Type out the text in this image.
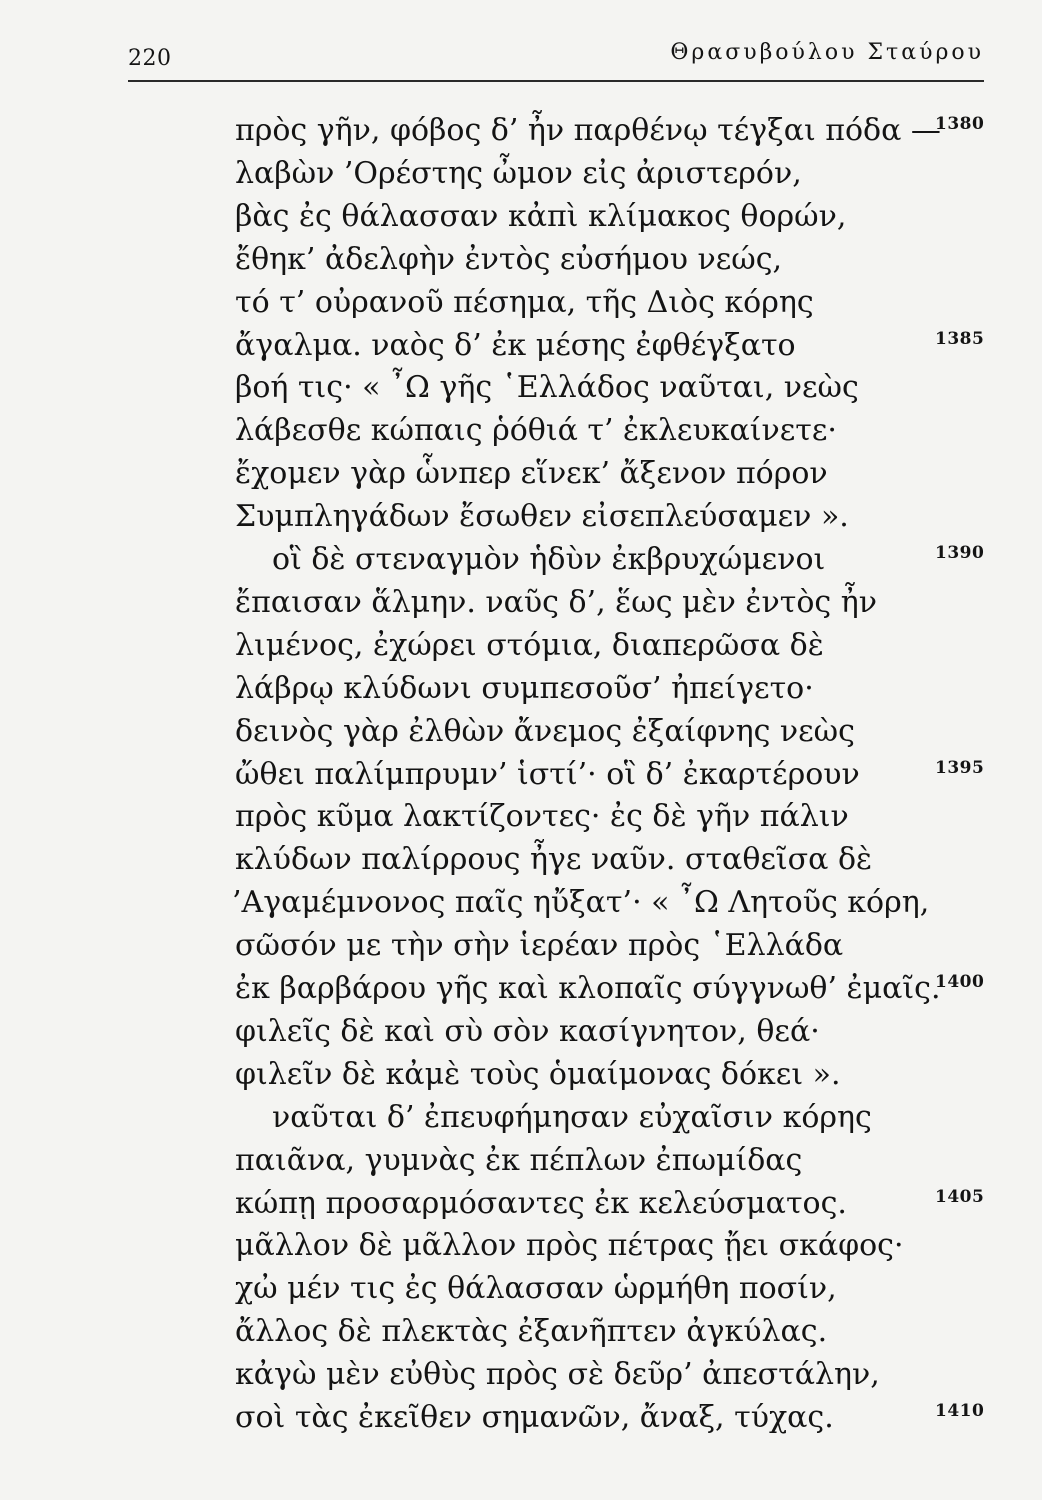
220	Θρασυβούλου Σταύρου
πρὸς γῆν, φόβος δ’ ἦν παρθένῳ τέγξαι πόδα —
1380
λαβὼν ’Ορέστης ὦμον εἰς ἀριστερόν,
βὰς ἐς θάλασσαν κἀπὶ κλίμακος θορών,
ἔθηκ’ ἀδελφὴν ἐντὸς εὐσήμου νεώς,
τό τ’ οὐρανοῦ πέσημα, τῆς Διὸς κόρης
ἄγαλμα. ναὸς δ’ ἐκ μέσης ἐφθέγξατο	1385
βοή τις· « ῏Ω γῆς ῾Ελλάδος ναῦται, νεὼς
λάβεσθε κώπαις ῥόθιά τ’ ἐκλευκαίνετε·
ἔχομεν γὰρ ὧνπερ εἵνεκ’ ἄξενον πόρον
Συμπληγάδων ἔσωθεν εἰσεπλεύσαμεν ».
οἳ δὲ στεναγμὸν ἡδὺν ἐκβρυχώμενοι	1390
ἔπαισαν ἅλμην. ναῦς δ’, ἕως μὲν ἐντὸς ἦν
λιμένος, ἐχώρει στόμια, διαπερῶσα δὲ
λάβρῳ κλύδωνι συμπεσοῦσ’ ἠπείγετο·
δεινὸς γὰρ ἐλθὼν ἄνεμος ἐξαίφνης νεὼς
ὤθει παλίμπρυμν’ ἱστί’· οἳ δ’ ἐκαρτέρουν	1395
πρὸς κῦμα λακτίζοντες· ἐς δὲ γῆν πάλιν
κλύδων παλίρρους ἦγε ναῦν. σταθεῖσα δὲ
’Αγαμέμνονος παῖς ηὔξατ’· « ῏Ω Λητοῦς κόρη,
σῶσόν με τὴν σὴν ἱερέαν πρὸς ῾Ελλάδα
ἐκ βαρβάρου γῆς καὶ κλοπαῖς σύγγνωθ’ ἐμαῖς.
1400
φιλεῖς δὲ καὶ σὺ σὸν κασίγνητον, θεά·
φιλεῖν δὲ κἀμὲ τοὺς ὁμαίμονας δόκει ».
ναῦται δ’ ἐπευφήμησαν εὐχαῖσιν κόρης
παιᾶνα, γυμνὰς ἐκ πέπλων ἐπωμίδας
κώπῃ προσαρμόσαντες ἐκ κελεύσματος.	1405
μᾶλλον δὲ μᾶλλον πρὸς πέτρας ᾔει σκάφος·
χὠ μέν τις ἐς θάλασσαν ὡρμήθη ποσίν,
ἄλλος δὲ πλεκτὰς ἐξανῆπτεν ἀγκύλας.
κἀγὼ μὲν εὐθὺς πρὸς σὲ δεῦρ’ ἀπεστάλην,
σοὶ τὰς ἐκεῖθεν σημανῶν, ἄναξ, τύχας.	1410
